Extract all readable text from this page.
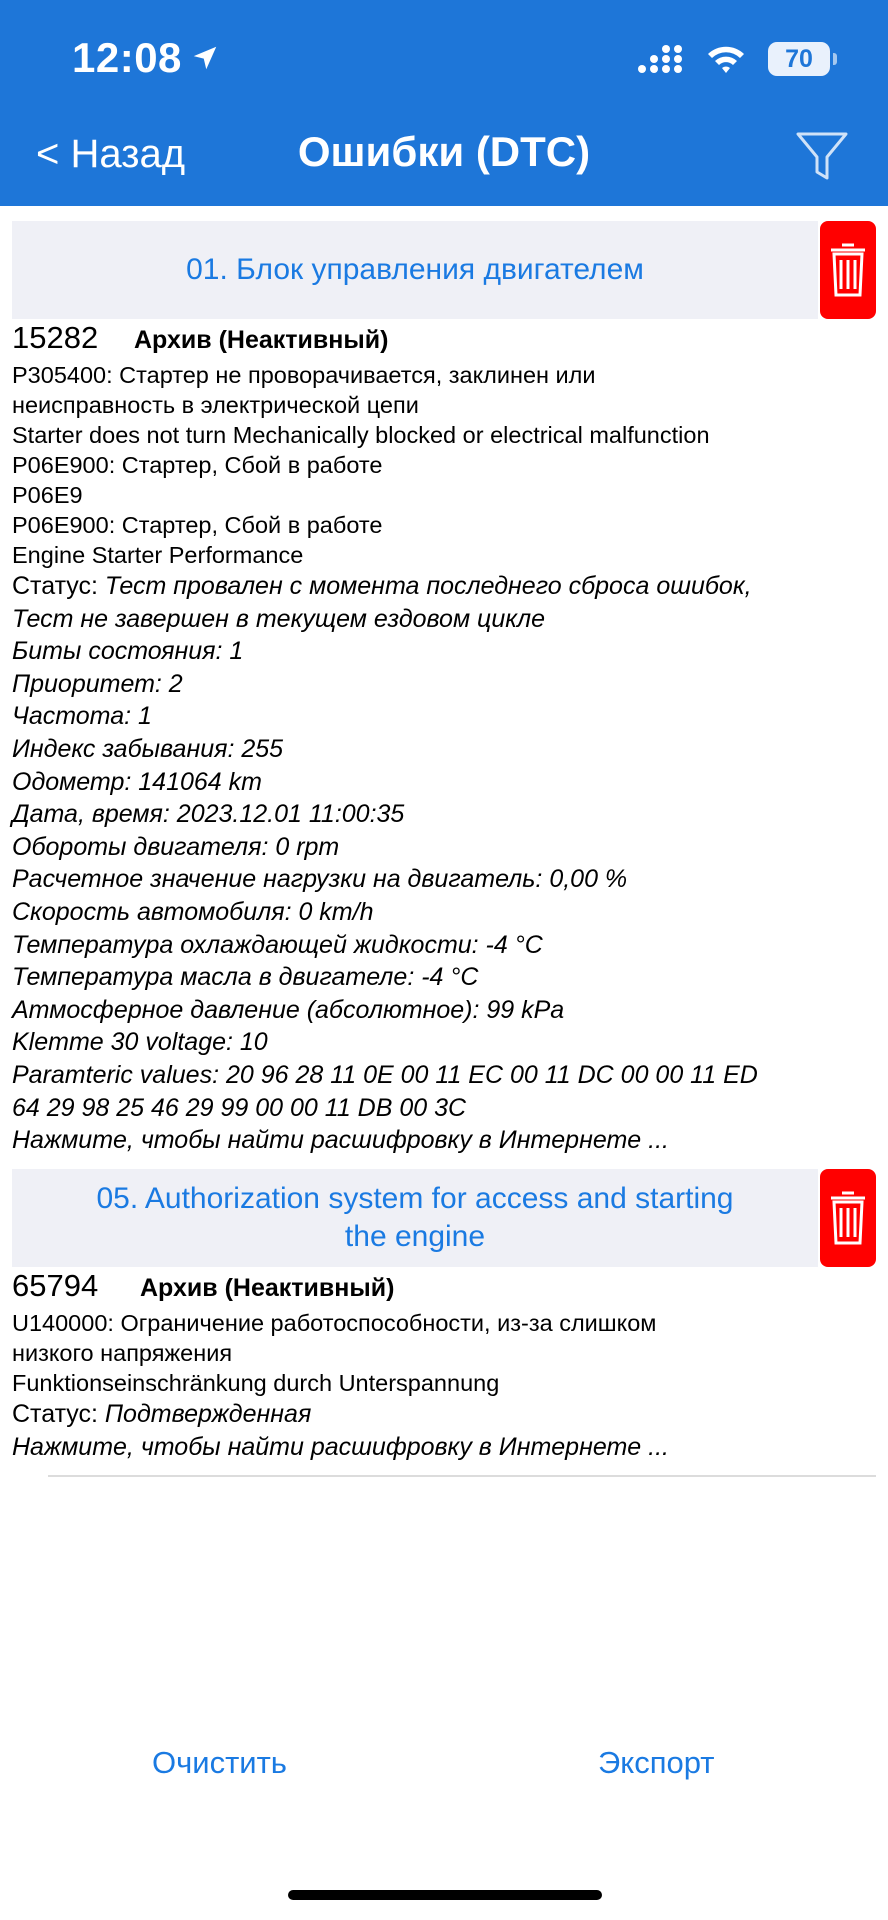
12:08	70
< Назад	Ошибки (DTC)
01. Блок управления двигателем
15282	Архив (Неактивный)
P305400: Стартер не проворачивается, заклинен или
неисправность в электрической цепи
Starter does not turn Mechanically blocked or electrical malfunction
P06E900: Стартер, Сбой в работе
P06E9
P06E900: Стартер, Сбой в работе
Engine Starter Performance
Статус: Тест провален с момента последнего сброса ошибок,
Тест не завершен в текущем ездовом цикле
Биты состояния: 1
Приоритет: 2
Частота: 1
Индекс забывания: 255
Одометр: 141064 km
Дата, время: 2023.12.01 11:00:35
Обороты двигателя: 0 rpm
Расчетное значение нагрузки на двигатель: 0,00 %
Скорость автомобиля: 0 km/h
Температура охлаждающей жидкости: -4 °C
Температура масла в двигателе: -4 °C
Атмосферное давление (абсолютное): 99 kPa
Klemme 30 voltage: 10
Paramteric values: 20 96 28 11 0E 00 11 EC 00 11 DC 00 00 11 ED
64 29 98 25 46 29 99 00 00 11 DB 00 3C
Нажмите, чтобы найти расшифровку в Интернете ...
05. Authorization system for access and starting
the engine
65794	Архив (Неактивный)
U140000: Ограничение работоспособности, из-за слишком
низкого напряжения
Funktionseinschränkung durch Unterspannung
Статус: Подтвержденная
Нажмите, чтобы найти расшифровку в Интернете ...
Очистить	Экспорт
